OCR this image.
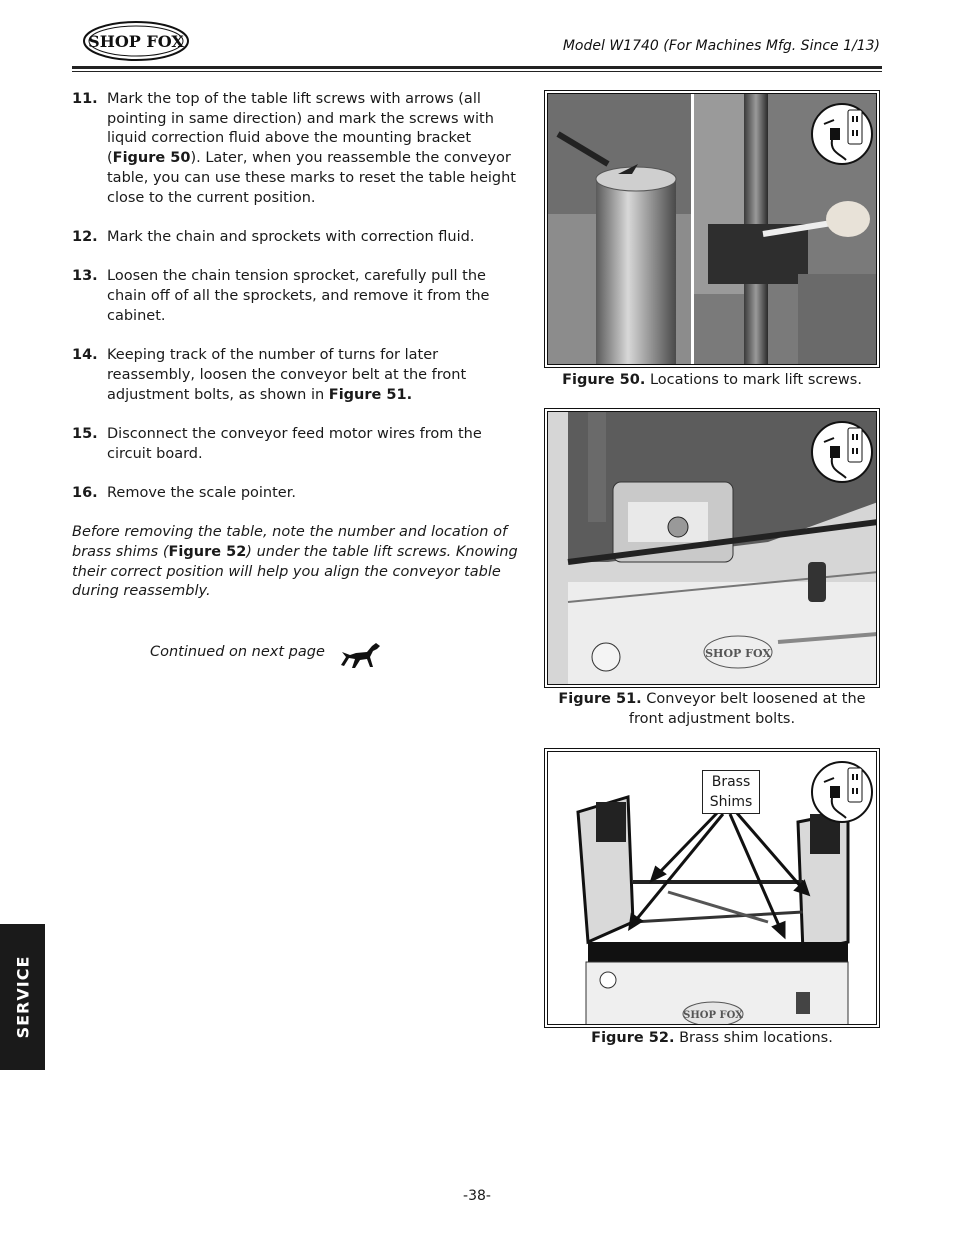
SHOP FOX	Model W1740 (For Machines Mfg. Since 1/13)
11. Mark the top of the table lift screws with arrows (all pointing in same direction) and mark the screws with liquid correction fluid above the mounting bracket (Figure 50). Later, when you reassemble the conveyor table, you can use these marks to reset the table height close to the current position.
12. Mark the chain and sprockets with correction fluid.
13. Loosen the chain tension sprocket, carefully pull the chain off of all the sprockets, and remove it from the cabinet.
14. Keeping track of the number of turns for later reassembly, loosen the conveyor belt at the front adjustment bolts, as shown in Figure 51.
15. Disconnect the conveyor feed motor wires from the circuit board.
16. Remove the scale pointer.
Before removing the table, note the number and location of brass shims (Figure 52) under the table lift screws. Knowing their correct position will help you align the conveyor table during reassembly.
Continued on next page
Figure 50. Locations to mark lift screws.
SHOP FOX
Figure 51. Conveyor belt loosened at the front adjustment bolts.
SHOP FOX
Brass
Shims
Figure 52. Brass shim locations.
SERVICE
-38-
